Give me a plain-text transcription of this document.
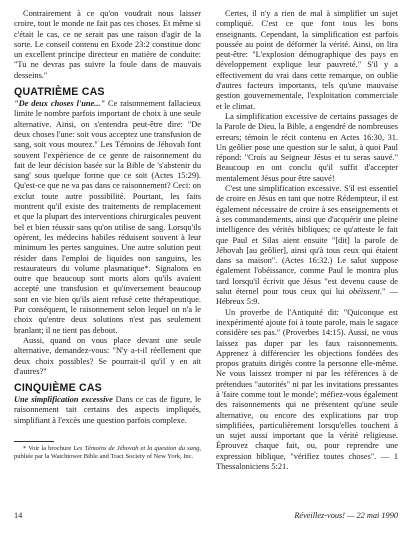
Contrairement à ce qu'on voudrait nous laisser croire, tout le monde ne fait pas ces choses. Et même si c'était le cas, ce ne serait pas une raison d'agir de la sorte. Le conseil contenu en Exode 23:2 constitue donc un excellent principe directeur en matière de conduite: "Tu ne devras pas suivre la foule dans de mauvais desseins."

QUATRIÈME CAS

"De deux choses l'une..." Ce raisonnement fallacieux limite le nombre parfois important de choix à une seule alternative. Ainsi, on s'entendra peut-être dire: "De deux choses l'une: soit vous acceptez une transfusion de sang, soit vous mourez." Les Témoins de Jéhovah font souvent l'expérience de ce genre de raisonnement du fait de leur décision basée sur la Bible de 's'abstenir du sang' sous quelque forme que ce soit (Actes 15:29). Qu'est-ce que ne va pas dans ce raisonnement? Ceci: on exclut toute autre possibilité. Pourtant, les faits montrent qu'il existe des traitements de remplacement et que la plupart des interventions chirurgicales peuvent bel et bien réussir sans qu'on utilise de sang. Lorsqu'ils opèrent, les médecins habiles réduisent souvent à leur minimum les pertes sanguines. Une autre solution peut résider dans l'emploi de liquides non sanguins, les restaurateurs du volume plasmatique*. Signalons en outre que beaucoup sont morts alors qu'ils avaient accepté une transfusion et qu'inversement beaucoup sont en vie bien qu'ils aient refusé cette thérapeutique. Par conséquent, le raisonnement selon lequel on n'a le choix qu'entre deux solutions n'est pas seulement branlant; il ne tient pas debout.

Aussi, quand on vous place devant une seule alternative, demandez-vous: "N'y a-t-il réellement que deux choix possibles? Se pourrait-il qu'il y en ait d'autres?"

CINQUIÈME CAS

Une simplification excessive Dans ce cas de figure, le raisonnement tait certains des aspects impliqués, simplifiant à l'excès une question parfois complexe.

* Voir la brochure Les Témoins de Jéhovah et la question du sang, publiée par la Watchtower Bible and Tract Society of New York, Inc.

Certes, il n'y a rien de mal à simplifier un sujet compliqué. C'est ce que font tous les bons enseignants. Cependant, la simplification est parfois poussée au point de déformer la vérité. Ainsi, on lira peut-être: "L'explosion démographique des pays en développement explique leur pauvreté." S'il y a effectivement du vrai dans cette remarque, on oublie d'autres facteurs importants, tels qu'une mauvaise gestion gouvernementale, l'exploitation commerciale et le climat.

La simplification excessive de certains passages de la Parole de Dieu, la Bible, a engendré de nombreuses erreurs; témoin le récit contenu en Actes 16:30, 31. Un geôlier pose une question sur le salut, à quoi Paul répond: "Crois au Seigneur Jésus et tu seras sauvé." Beaucoup en ont conclu qu'il suffit d'accepter mentalement Jésus pour être sauvé!

C'est une simplification excessive. S'il est essentiel de croire en Jésus en tant que notre Rédempteur, il est également nécessaire de croire à ses enseignements et à ses commandements, ainsi que d'acquérir une pleine intelligence des vérités bibliques; ce qu'atteste le fait que Paul et Silas aient ensuite "[dit] la parole de Jéhovah [au geôlier], ainsi qu'à tous ceux qui étaient dans sa maison". (Actes 16:32.) Le salut suppose également l'obéissance, comme Paul le montra plus tard lorsqu'il écrivit que Jésus "est devenu cause de salut éternel pour tous ceux qui lui obéissent." — Hébreux 5:9.

Un proverbe de l'Antiquité dit: "Quiconque est inexpérimenté ajoute foi à toute parole, mais le sagace considère ses pas." (Proverbes 14:15). Aussi, ne vous laissez pas duper par les faux raisonnements. Apprenez à différencier les objections fondées des propos gratuits dirigés contre la personne elle-même. Ne vous laissez tromper ni par les références à de prétendues "autorités" ni par les invitations pressantes à 'faire comme tout le monde'; méfiez-vous également des raisonnements qui ne présentent qu'une seule alternative, ou encore des explications par trop simplifiées, particulièrement lorsqu'elles touchent à un sujet aussi important que la vérité religieuse. Éprouvez chaque fait, ou, pour reprendre une expression biblique, "vérifiez toutes choses". — 1 Thessaloniciens 5:21.

14	Réveillez-vous! — 22 mai 1990
